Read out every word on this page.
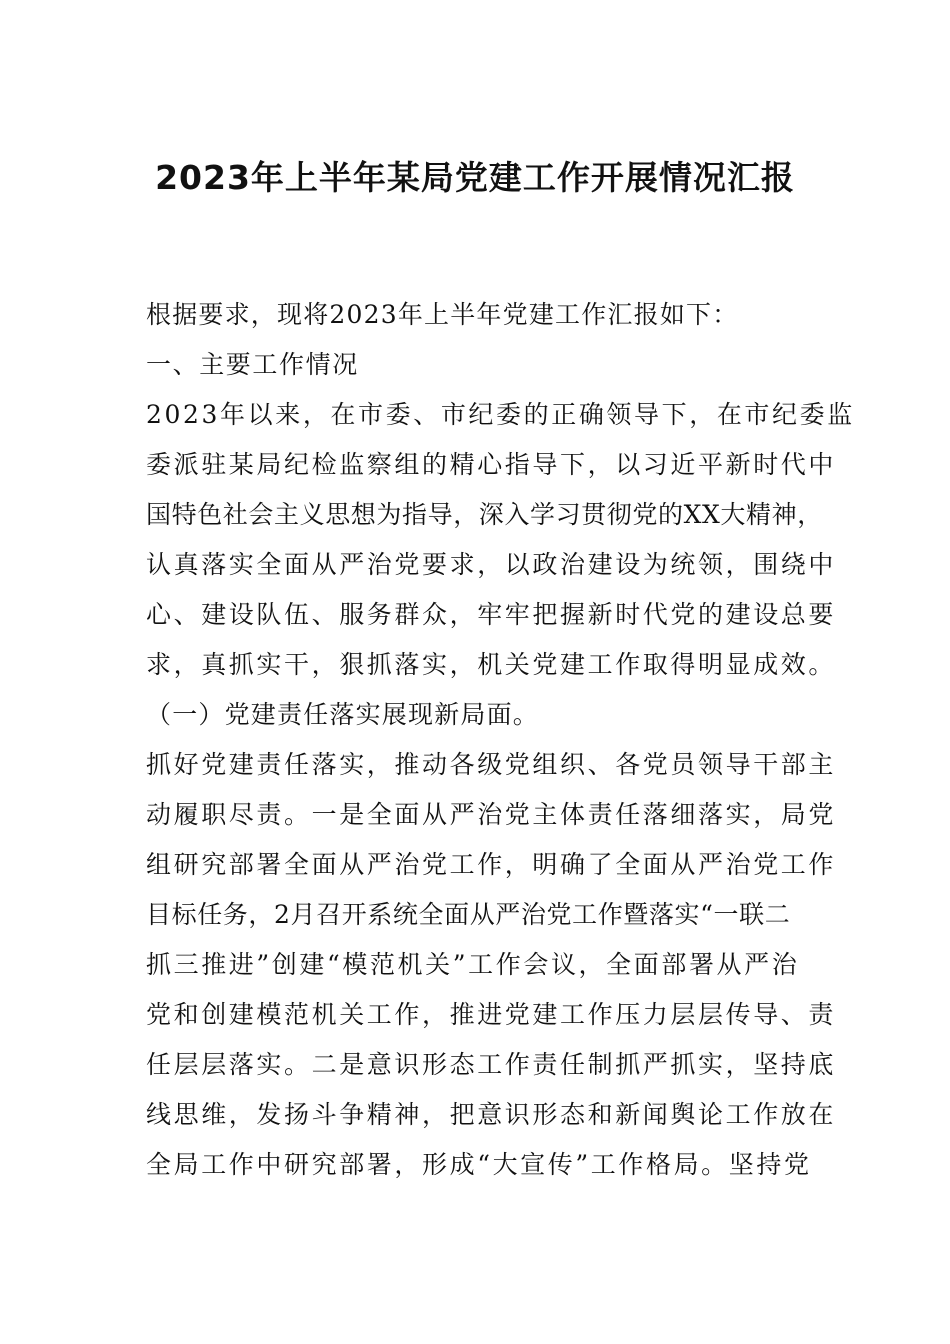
2023年上半年某局党建工作开展情况汇报
根据要求，现将2023年上半年党建工作汇报如下：
一、主要工作情况
2023年以来，在市委、市纪委的正确领导下，在市纪委监
委派驻某局纪检监察组的精心指导下，以习近平新时代中
国特色社会主义思想为指导，深入学习贯彻党的XX大精神，
认真落实全面从严治党要求，以政治建设为统领，围绕中
心、建设队伍、服务群众，牢牢把握新时代党的建设总要
求，真抓实干，狠抓落实，机关党建工作取得明显成效。
（一）党建责任落实展现新局面。
抓好党建责任落实，推动各级党组织、各党员领导干部主
动履职尽责。一是全面从严治党主体责任落细落实，局党
组研究部署全面从严治党工作，明确了全面从严治党工作
目标任务，2月召开系统全面从严治党工作暨落实“一联二
抓三推进”创建“模范机关”工作会议，全面部署从严治
党和创建模范机关工作，推进党建工作压力层层传导、责
任层层落实。二是意识形态工作责任制抓严抓实，坚持底
线思维，发扬斗争精神，把意识形态和新闻舆论工作放在
全局工作中研究部署，形成“大宣传”工作格局。坚持党
